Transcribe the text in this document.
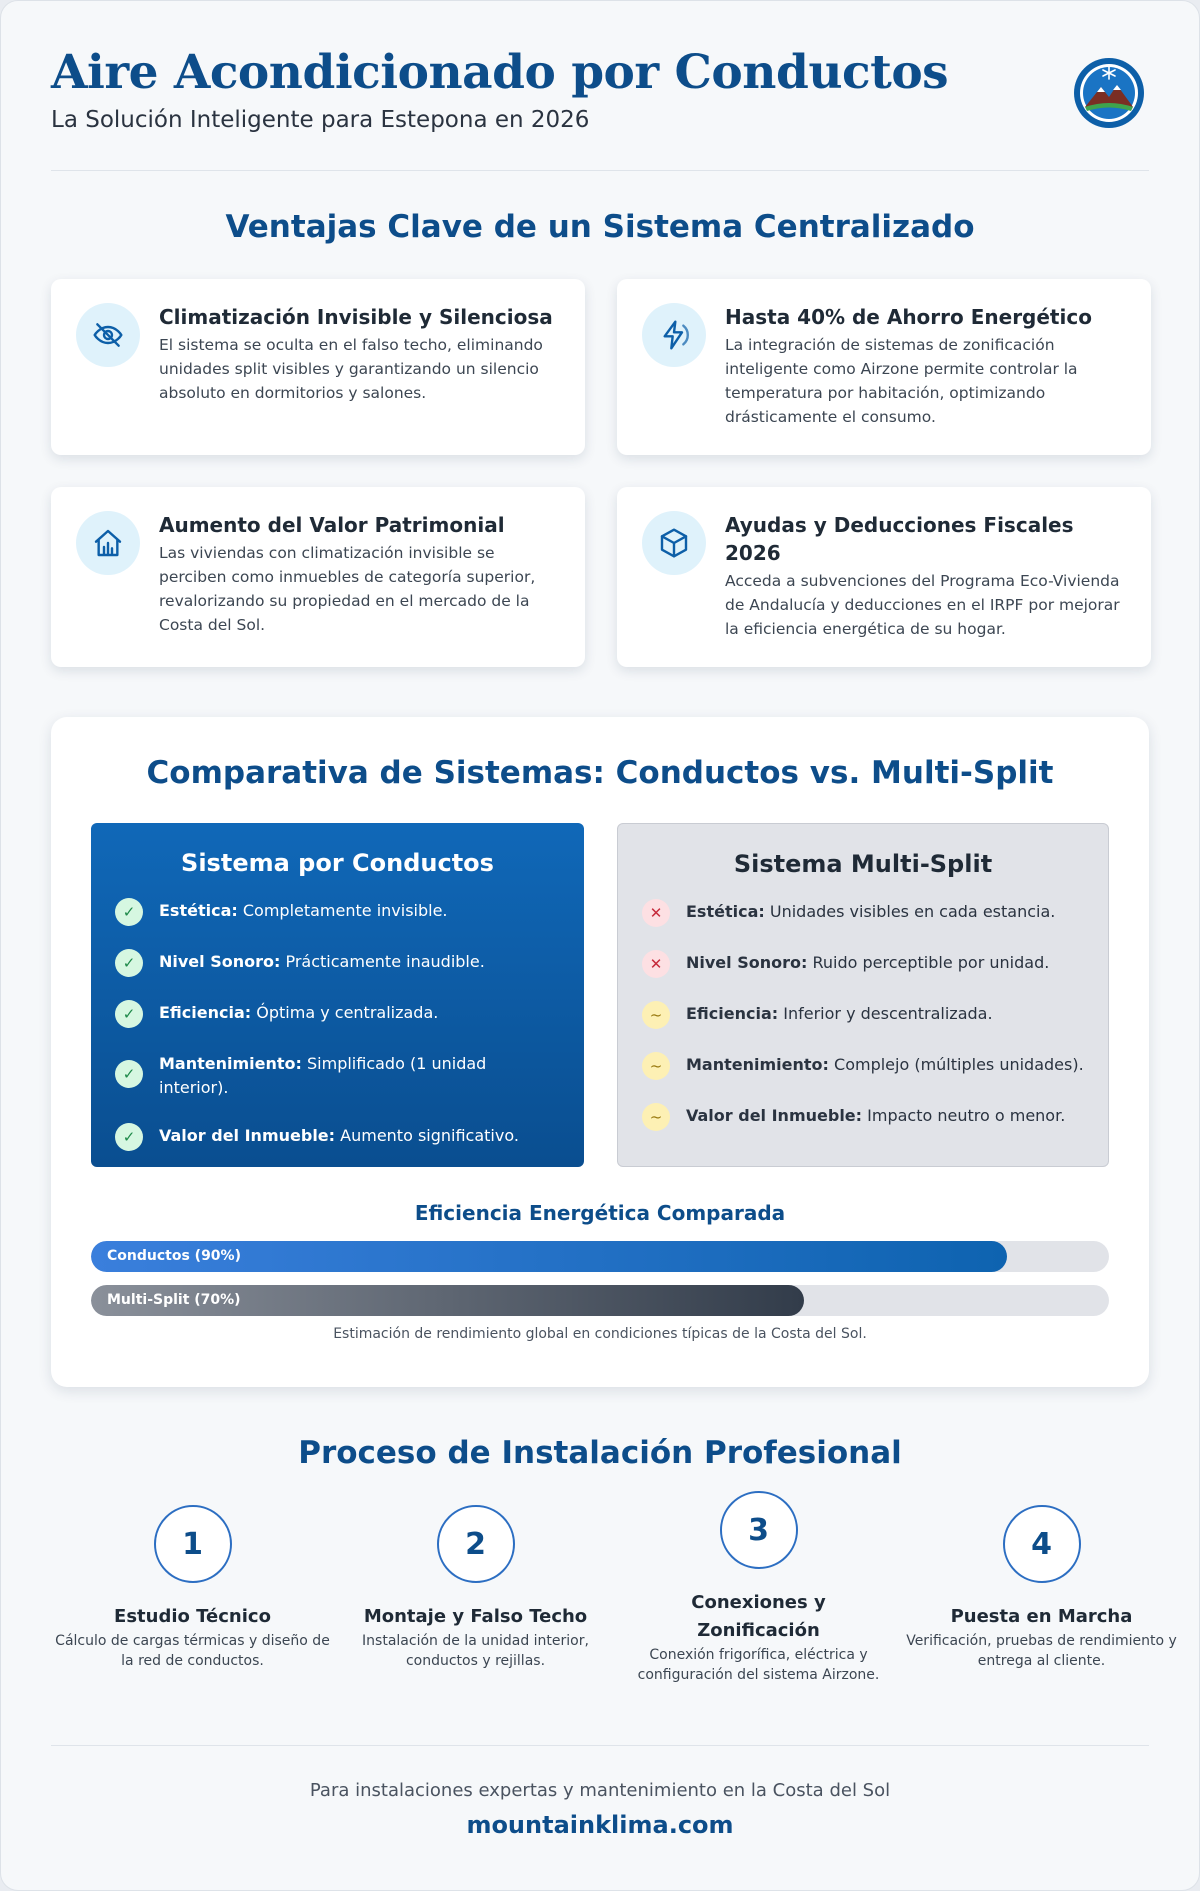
Aire Acondicionado por Conductos
La Solución Inteligente para Estepona en 2026
Ventajas Clave de un Sistema Centralizado
Climatización Invisible y Silenciosa
El sistema se oculta en el falso techo, eliminando unidades split visibles y garantizando un silencio absoluto en dormitorios y salones.
Hasta 40% de Ahorro Energético
La integración de sistemas de zonificación inteligente como Airzone permite controlar la temperatura por habitación, optimizando drásticamente el consumo.
Aumento del Valor Patrimonial
Las viviendas con climatización invisible se perciben como inmuebles de categoría superior, revalorizando su propiedad en el mercado de la Costa del Sol.
Ayudas y Deducciones Fiscales 2026
Acceda a subvenciones del Programa Eco-Vivienda de Andalucía y deducciones en el IRPF por mejorar la eficiencia energética de su hogar.
Comparativa de Sistemas: Conductos vs. Multi-Split
Sistema por Conductos
✓	Estética: Completamente invisible.
✓	Nivel Sonoro: Prácticamente inaudible.
✓	Eficiencia: Óptima y centralizada.
✓
Mantenimiento: Simplificado (1 unidad interior).
✓	Valor del Inmueble: Aumento significativo.
Sistema Multi-Split
✕	Estética: Unidades visibles en cada estancia.
✕	Nivel Sonoro: Ruido perceptible por unidad.
~	Eficiencia: Inferior y descentralizada.
~	Mantenimiento: Complejo (múltiples unidades).
~	Valor del Inmueble: Impacto neutro o menor.
Eficiencia Energética Comparada
Conductos (90%)
Multi-Split (70%)
Estimación de rendimiento global en condiciones típicas de la Costa del Sol.
Proceso de Instalación Profesional
1
Estudio Técnico
Cálculo de cargas térmicas y diseño de la red de conductos.
2
Montaje y Falso Techo
Instalación de la unidad interior, conductos y rejillas.
3
Conexiones y Zonificación
Conexión frigorífica, eléctrica y configuración del sistema Airzone.
4
Puesta en Marcha
Verificación, pruebas de rendimiento y entrega al cliente.
Para instalaciones expertas y mantenimiento en la Costa del Sol
mountainklima.com
